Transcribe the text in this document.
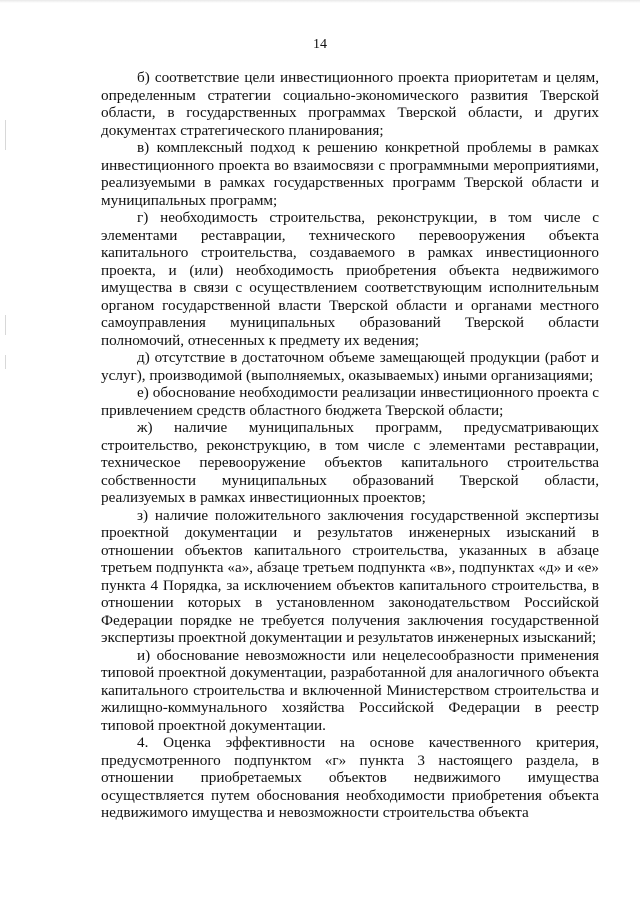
14

б) соответствие цели инвестиционного проекта приоритетам и целям, определенным стратегии социально-экономического развития Тверской области, в государственных программах Тверской области, и других документах стратегического планирования;

в) комплексный подход к решению конкретной проблемы в рамках инвестиционного проекта во взаимосвязи с программными мероприятиями, реализуемыми в рамках государственных программ Тверской области и муниципальных программ;

г) необходимость строительства, реконструкции, в том числе с элементами реставрации, технического перевооружения объекта капитального строительства, создаваемого в рамках инвестиционного проекта, и (или) необходимость приобретения объекта недвижимого имущества в связи с осуществлением соответствующим исполнительным органом государственной власти Тверской области и органами местного самоуправления муниципальных образований Тверской области полномочий, отнесенных к предмету их ведения;

д) отсутствие в достаточном объеме замещающей продукции (работ и услуг), производимой (выполняемых, оказываемых) иными организациями;

е) обоснование необходимости реализации инвестиционного проекта с привлечением средств областного бюджета Тверской области;

ж) наличие муниципальных программ, предусматривающих строительство, реконструкцию, в том числе с элементами реставрации, техническое перевооружение объектов капитального строительства собственности муниципальных образований Тверской области, реализуемых в рамках инвестиционных проектов;

з) наличие положительного заключения государственной экспертизы проектной документации и результатов инженерных изысканий в отношении объектов капитального строительства, указанных в абзаце третьем подпункта «а», абзаце третьем подпункта «в», подпунктах «д» и «е» пункта 4 Порядка, за исключением объектов капитального строительства, в отношении которых в установленном законодательством Российской Федерации порядке не требуется получения заключения государственной экспертизы проектной документации и результатов инженерных изысканий;

и) обоснование невозможности или нецелесообразности применения типовой проектной документации, разработанной для аналогичного объекта капитального строительства и включенной Министерством строительства и жилищно-коммунального хозяйства Российской Федерации в реестр типовой проектной документации.

4. Оценка эффективности на основе качественного критерия, предусмотренного подпунктом «г» пункта 3 настоящего раздела, в отношении приобретаемых объектов недвижимого имущества осуществляется путем обоснования необходимости приобретения объекта недвижимого имущества и невозможности строительства объекта
